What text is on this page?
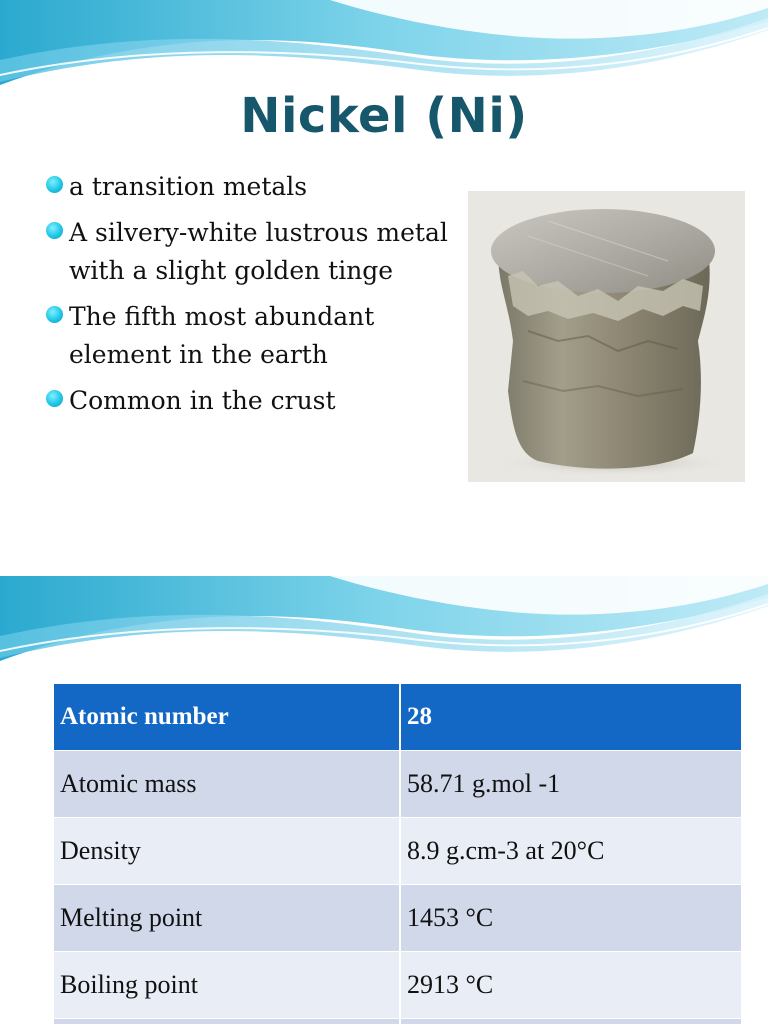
Nickel (Ni)
a transition metals
A silvery-white lustrous metal with a slight golden tinge
The fifth most abundant element in the earth
Common in the crust
Atomic number	28
Atomic mass	58.71 g.mol -1
Density	8.9 g.cm-3 at 20°C
Melting point	1453 °C
Boiling point	2913 °C
